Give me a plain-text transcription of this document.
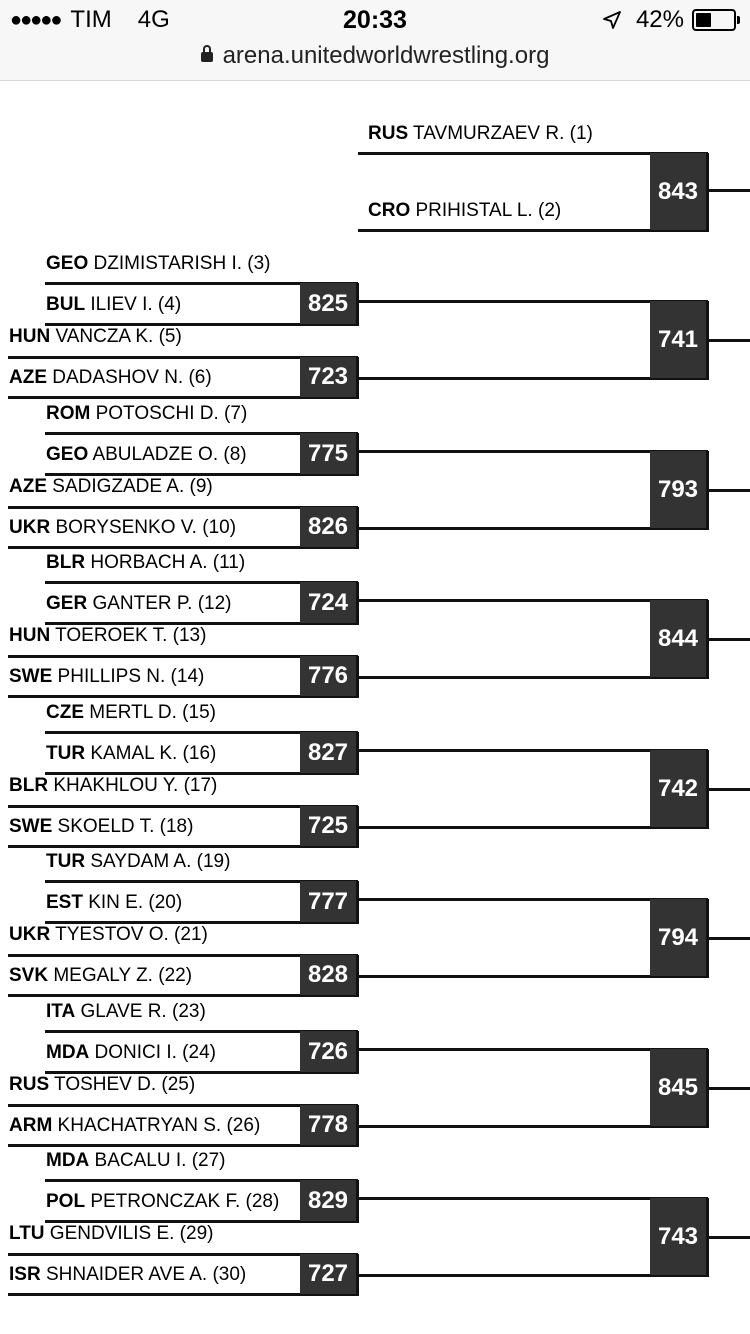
●●●●● TIM 4G	20:33	42%
arena.unitedworldwrestling.org
RUS TAVMURZAEV R. (1)
CRO PRIHISTAL L. (2)
843
GEO DZIMISTARISH I. (3)
BUL ILIEV I. (4)
HUN VANCZA K. (5)
AZE DADASHOV N. (6)
825
723
741
ROM POTOSCHI D. (7)
GEO ABULADZE O. (8)
AZE SADIGZADE A. (9)
UKR BORYSENKO V. (10)
775
826
793
BLR HORBACH A. (11)
GER GANTER P. (12)
HUN TOEROEK T. (13)
SWE PHILLIPS N. (14)
724
776
844
CZE MERTL D. (15)
TUR KAMAL K. (16)
BLR KHAKHLOU Y. (17)
SWE SKOELD T. (18)
827
725
742
TUR SAYDAM A. (19)
EST KIN E. (20)
UKR TYESTOV O. (21)
SVK MEGALY Z. (22)
777
828
794
ITA GLAVE R. (23)
MDA DONICI I. (24)
RUS TOSHEV D. (25)
ARM KHACHATRYAN S. (26)
726
778
845
MDA BACALU I. (27)
POL PETRONCZAK F. (28)
LTU GENDVILIS E. (29)
ISR SHNAIDER AVE A. (30)
829
727
743
